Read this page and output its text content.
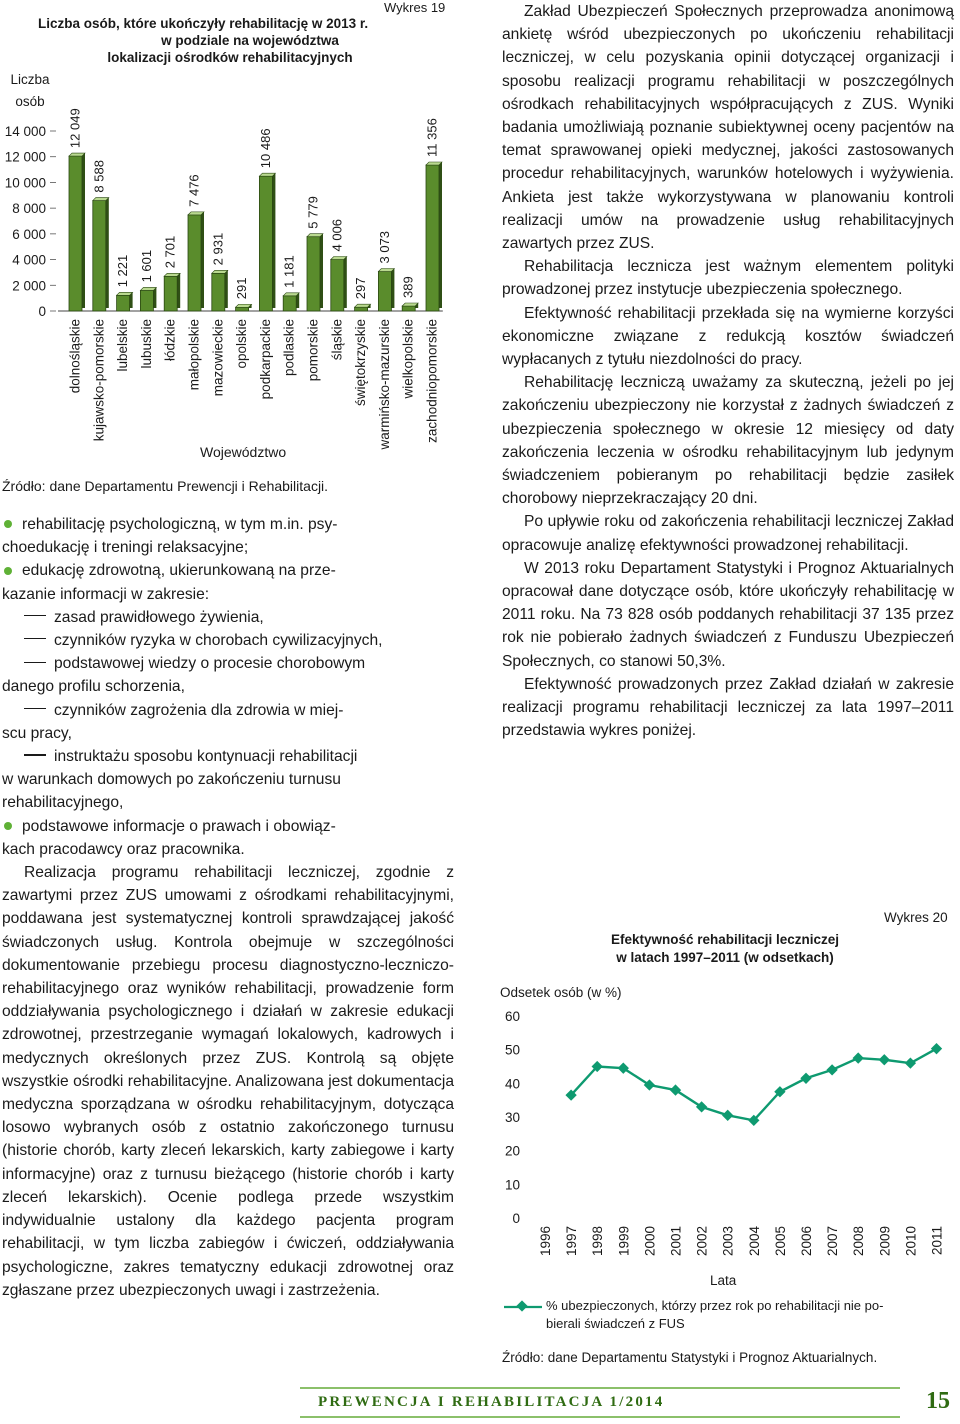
Wykres 19
Liczba osób, które ukończyły rehabilitację w 2013 r.
w podziale na województwa
lokalizacji ośrodków rehabilitacyjnych
Liczba
osób
14 000
12 000
10 000
8 000
6 000
4 000
2 000
0
12 049
dolnośląskie
8 588
kujawsko-pomorskie
1 221
lubelskie
1 601
lubuskie
2 701
łódzkie
7 476
małopolskie
2 931
mazowieckie
291
opolskie
10 486
podkarpackie
1 181
podlaskie
5 779
pomorskie
4 006
śląskie
297
świętokrzyskie
3 073
warmińsko-mazurskie
389
wielkopolskie
11 356
zachodniopomorskie
Województwo
Źródło: dane Departamentu Prewencji i Rehabilitacji.

rehabilitację psychologiczną, w tym m.in. psy-

choedukację i treningi relaksacyjne;

edukację zdrowotną, ukierunkowaną na prze-

kazanie informacji w zakresie:

zasad prawidłowego żywienia,

czynników ryzyka w chorobach cywilizacyjnych,

podstawowej wiedzy o procesie chorobowym

danego profilu schorzenia,

czynników zagrożenia dla zdrowia w miej-

scu pracy,

instruktażu sposobu kontynuacji rehabilitacji

w warunkach domowych po zakończeniu turnusu

rehabilitacyjnego,

podstawowe informacje o prawach i obowiąz-

kach pracodawcy oraz pracownika.

Realizacja programu rehabilitacji leczniczej, zgodnie z zawartymi przez ZUS umowami z ośrodkami rehabilitacyjnymi, poddawana jest systematycznej kontroli sprawdzającej jakość świadczonych usług. Kontrola obejmuje w szczególności dokumentowanie przebiegu procesu diagnostyczno-leczniczo-rehabilitacyjnego oraz wyników rehabilitacji, prowadzenie form oddziaływania psychologicznego i działań w zakresie edukacji zdrowotnej, przestrzeganie wymagań lokalowych, kadrowych i medycznych określonych przez ZUS. Kontrolą są objęte wszystkie ośrodki rehabilitacyjne. Analizowana jest dokumentacja medyczna sporządzana w ośrodku rehabilitacyjnym, dotycząca losowo wybranych osób z ostatnio zakończonego turnusu (historie chorób, karty zleceń lekarskich, karty zabiegowe i karty informacyjne) oraz z turnusu bieżącego (historie chorób i karty zleceń lekarskich). Ocenie podlega przede wszystkim indywidualnie ustalony dla każdego pacjenta program rehabilitacji, w tym liczba zabiegów i ćwiczeń, oddziaływania psychologiczne, zakres tematyczny edukacji zdrowotnej oraz zgłaszane przez ubezpieczonych uwagi i zastrzeżenia.

Zakład Ubezpieczeń Społecznych przeprowadza anonimową ankietę wśród ubezpieczonych po ukończeniu rehabilitacji leczniczej, w celu pozyskania opinii dotyczącej organizacji i sposobu realizacji programu rehabilitacji w poszczególnych ośrodkach rehabilitacyjnych współpracujących z ZUS. Wyniki badania umożliwiają poznanie subiektywnej oceny pacjentów na temat sprawowanej opieki medycznej, jakości zastosowanych procedur rehabilitacyjnych, warunków hotelowych i wyżywienia. Ankieta jest także wykorzystywana w planowaniu kontroli realizacji umów na prowadzenie usług rehabilitacyjnych zawartych przez ZUS.

Rehabilitacja lecznicza jest ważnym elementem polityki prowadzonej przez instytucje ubezpieczenia społecznego.

Efektywność rehabilitacji przekłada się na wymierne korzyści ekonomiczne związane z redukcją kosztów świadczeń wypłacanych z tytułu niezdolności do pracy.

Rehabilitację leczniczą uważamy za skuteczną, jeżeli po jej zakończeniu ubezpieczony nie korzystał z żadnych świadczeń z ubezpieczenia społecznego w okresie 12 miesięcy od daty zakończenia leczenia w ośrodku rehabilitacyjnym lub jedynym świadczeniem pobieranym po rehabilitacji będzie zasiłek chorobowy nieprzekraczający 20 dni.

Po upływie roku od zakończenia rehabilitacji leczniczej Zakład opracowuje analizę efektywności prowadzonej rehabilitacji.

W 2013 roku Departament Statystyki i Prognoz Aktuarialnych opracował dane dotyczące osób, które ukończyły rehabilitację w 2011 roku. Na 73 828 osób poddanych rehabilitacji 37 135 przez rok nie pobierało żadnych świadczeń z Funduszu Ubezpieczeń Społecznych, co stanowi 50,3%.

Efektywność prowadzonych przez Zakład działań w zakresie realizacji programu rehabilitacji leczniczej za lata 1997–2011 przedstawia wykres poniżej.

Wykres 20
Efektywność rehabilitacji leczniczej
w latach 1997–2011 (w odsetkach)
Odsetek osób (w %)
60
50
40
30
20
10
0
1996 1997 1998 1999 2000 2001 2002 2003 2004 2005 2006 2007 2008 2009 2010 2011
Lata
% ubezpieczonych, którzy przez rok po rehabilitacji nie po-
bierali świadczeń z FUS
Źródło: dane Departamentu Statystyki i Prognoz Aktuarialnych.
PREWENCJA I REHABILITACJA 1/2014	15
